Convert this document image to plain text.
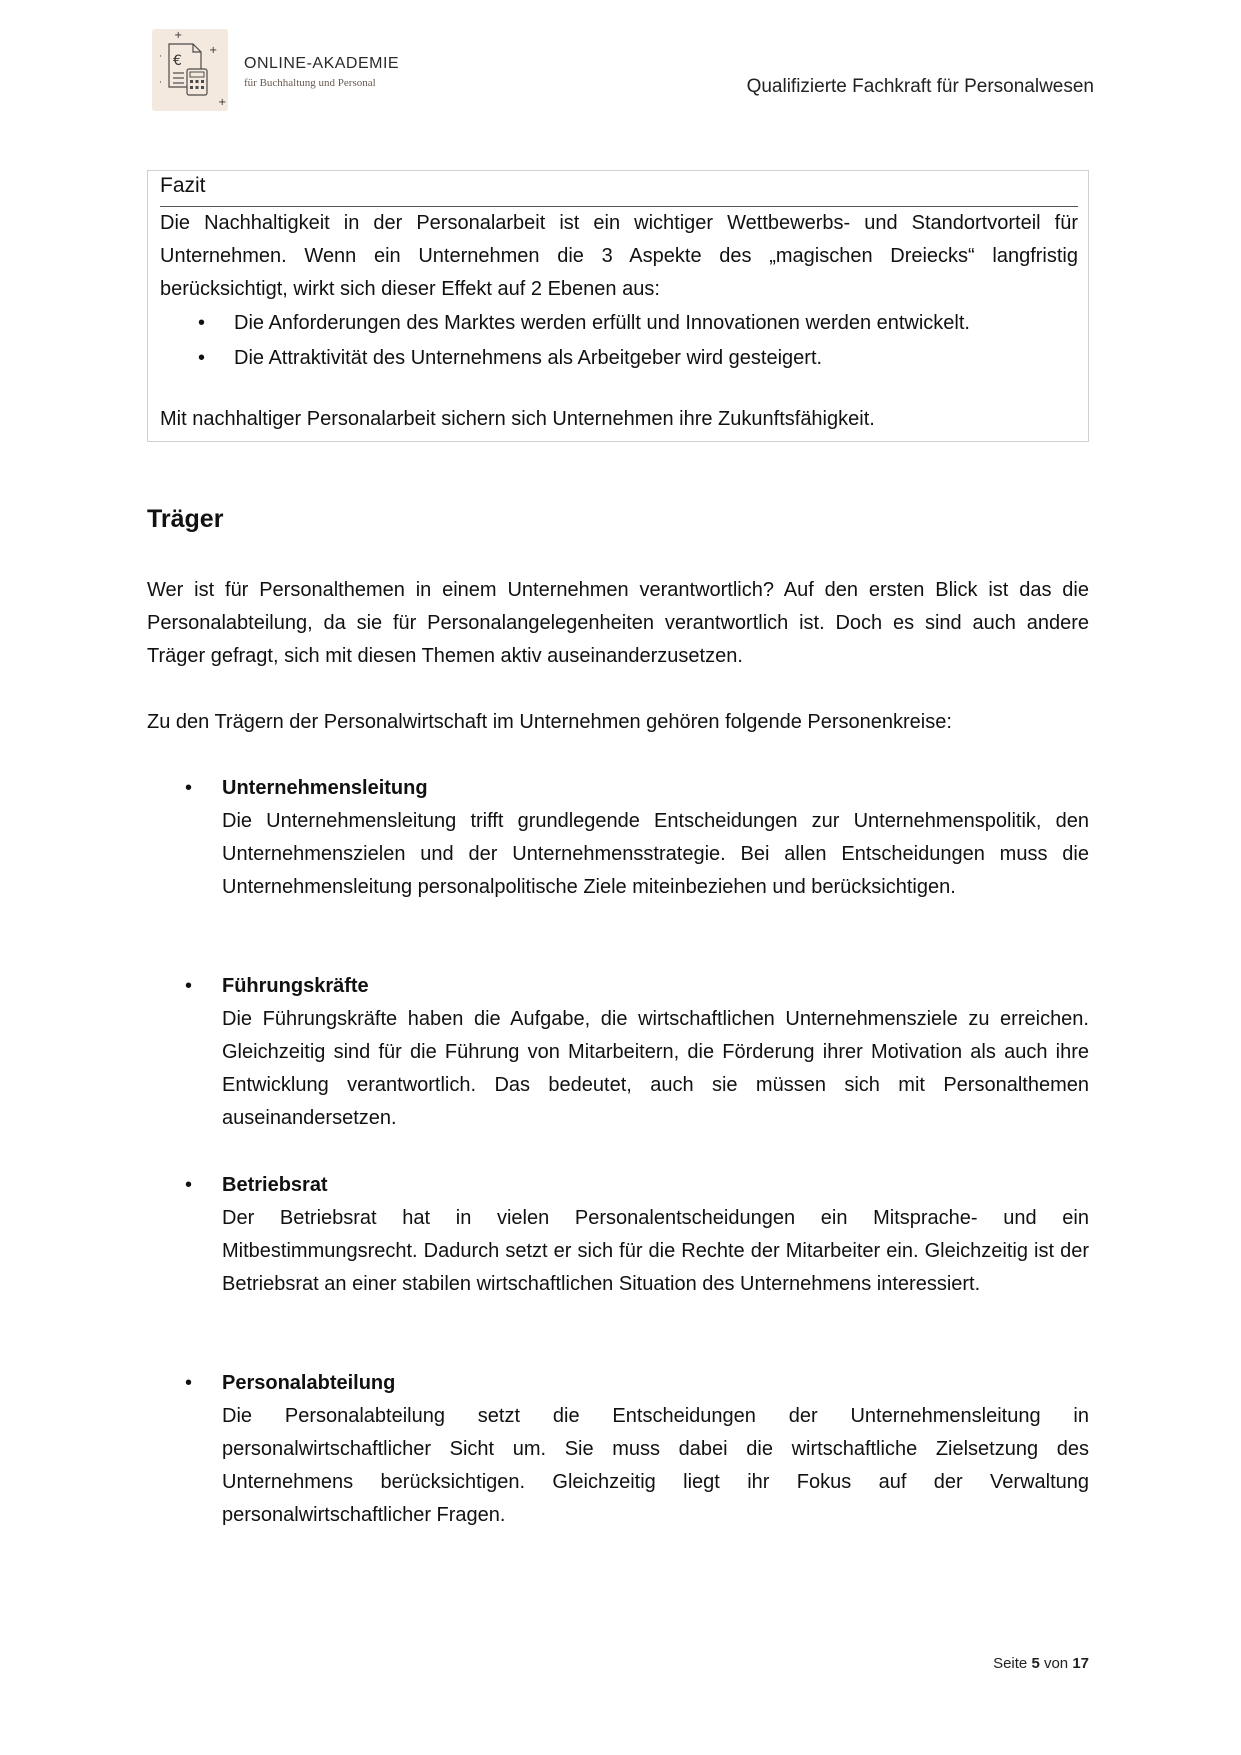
€
+
+
+
·
·
ONLINE-AKADEMIE
für Buchhaltung und Personal	Qualifizierte Fachkraft für Personalwesen
Fazit
Die Nachhaltigkeit in der Personalarbeit ist ein wichtiger Wettbewerbs- und Standortvorteil für Unternehmen. Wenn ein Unternehmen die 3 Aspekte des „magischen Dreiecks“ langfristig berücksichtigt, wirkt sich dieser Effekt auf 2 Ebenen aus:
• Die Anforderungen des Marktes werden erfüllt und Innovationen werden entwickelt.
• Die Attraktivität des Unternehmens als Arbeitgeber wird gesteigert.
Mit nachhaltiger Personalarbeit sichern sich Unternehmen ihre Zukunftsfähigkeit.
Träger
Wer ist für Personalthemen in einem Unternehmen verantwortlich? Auf den ersten Blick ist das die Personalabteilung, da sie für Personalangelegenheiten verantwortlich ist. Doch es sind auch andere Träger gefragt, sich mit diesen Themen aktiv auseinanderzusetzen.
Zu den Trägern der Personalwirtschaft im Unternehmen gehören folgende Personenkreise:
• Unternehmensleitung
Die Unternehmensleitung trifft grundlegende Entscheidungen zur Unternehmenspolitik, den Unternehmenszielen und der Unternehmensstrategie. Bei allen Entscheidungen muss die Unternehmensleitung personalpolitische Ziele miteinbeziehen und berücksichtigen.
• Führungskräfte
Die Führungskräfte haben die Aufgabe, die wirtschaftlichen Unternehmensziele zu erreichen. Gleichzeitig sind für die Führung von Mitarbeitern, die Förderung ihrer Motivation als auch ihre Entwicklung verantwortlich. Das bedeutet, auch sie müssen sich mit Personalthemen auseinandersetzen.
• Betriebsrat
Der Betriebsrat hat in vielen Personalentscheidungen ein Mitsprache- und ein Mitbestimmungsrecht. Dadurch setzt er sich für die Rechte der Mitarbeiter ein. Gleichzeitig ist der Betriebsrat an einer stabilen wirtschaftlichen Situation des Unternehmens interessiert.
• Personalabteilung
Die Personalabteilung setzt die Entscheidungen der Unternehmensleitung in personalwirtschaftlicher Sicht um. Sie muss dabei die wirtschaftliche Zielsetzung des Unternehmens berücksichtigen. Gleichzeitig liegt ihr Fokus auf der Verwaltung personalwirtschaftlicher Fragen.
Seite 5 von 17
